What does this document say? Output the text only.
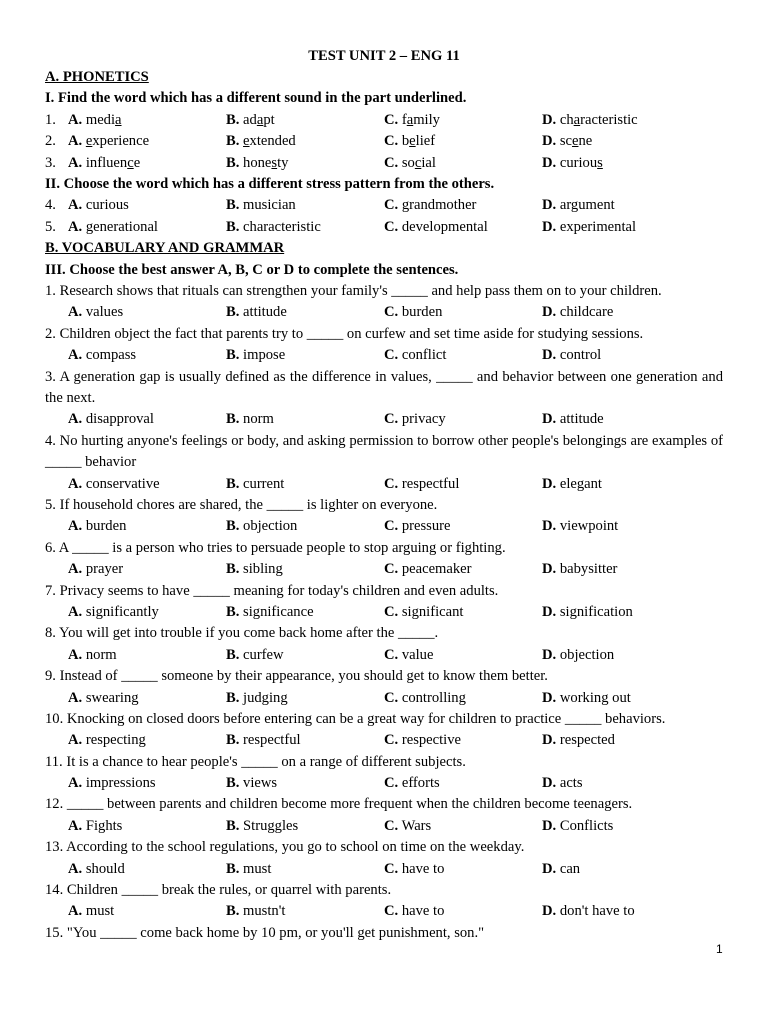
TEST UNIT 2 – ENG 11
A. PHONETICS
I. Find the word which has a different sound in the part underlined.
1. A. media	B. adapt	C. family	D. characteristic
2. A. experience	B. extended	C. belief	D. scene
3. A. influence	B. honesty	C. social	D. curious
II. Choose the word which has a different stress pattern from the others.
4. A. curious	B. musician	C. grandmother	D. argument
5. A. generational	B. characteristic	C. developmental	D. experimental
B. VOCABULARY AND GRAMMAR
III. Choose the best answer A, B, C or D to complete the sentences.
1. Research shows that rituals can strengthen your family's _____ and help pass them on to your children.
A. values	B. attitude	C. burden	D. childcare
2. Children object the fact that parents try to _____ on curfew and set time aside for studying sessions.
A. compass	B. impose	C. conflict	D. control
3. A generation gap is usually defined as the difference in values, _____ and behavior between one generation and the next.
A. disapproval	B. norm	C. privacy	D. attitude
4. No hurting anyone's feelings or body, and asking permission to borrow other people's belongings are examples of _____ behavior
A. conservative	B. current	C. respectful	D. elegant
5. If household chores are shared, the _____ is lighter on everyone.
A. burden	B. objection	C. pressure	D. viewpoint
6. A _____ is a person who tries to persuade people to stop arguing or fighting.
A. prayer	B. sibling	C. peacemaker	D. babysitter
7. Privacy seems to have _____ meaning for today's children and even adults.
A. significantly	B. significance	C. significant	D. signification
8. You will get into trouble if you come back home after the _____.
A. norm	B. curfew	C. value	D. objection
9. Instead of _____ someone by their appearance, you should get to know them better.
A. swearing	B. judging	C. controlling	D. working out
10. Knocking on closed doors before entering can be a great way for children to practice _____ behaviors.
A. respecting	B. respectful	C. respective	D. respected
11. It is a chance to hear people's _____ on a range of different subjects.
A. impressions	B. views	C. efforts	D. acts
12. _____ between parents and children become more frequent when the children become teenagers.
A. Fights	B. Struggles	C. Wars	D. Conflicts
13. According to the school regulations, you go to school on time on the weekday.
A. should	B. must	C. have to	D. can
14. Children _____ break the rules, or quarrel with parents.
A. must	B. mustn't	C. have to	D. don't have to
15. "You _____ come back home by 10 pm, or you'll get punishment, son."
1
